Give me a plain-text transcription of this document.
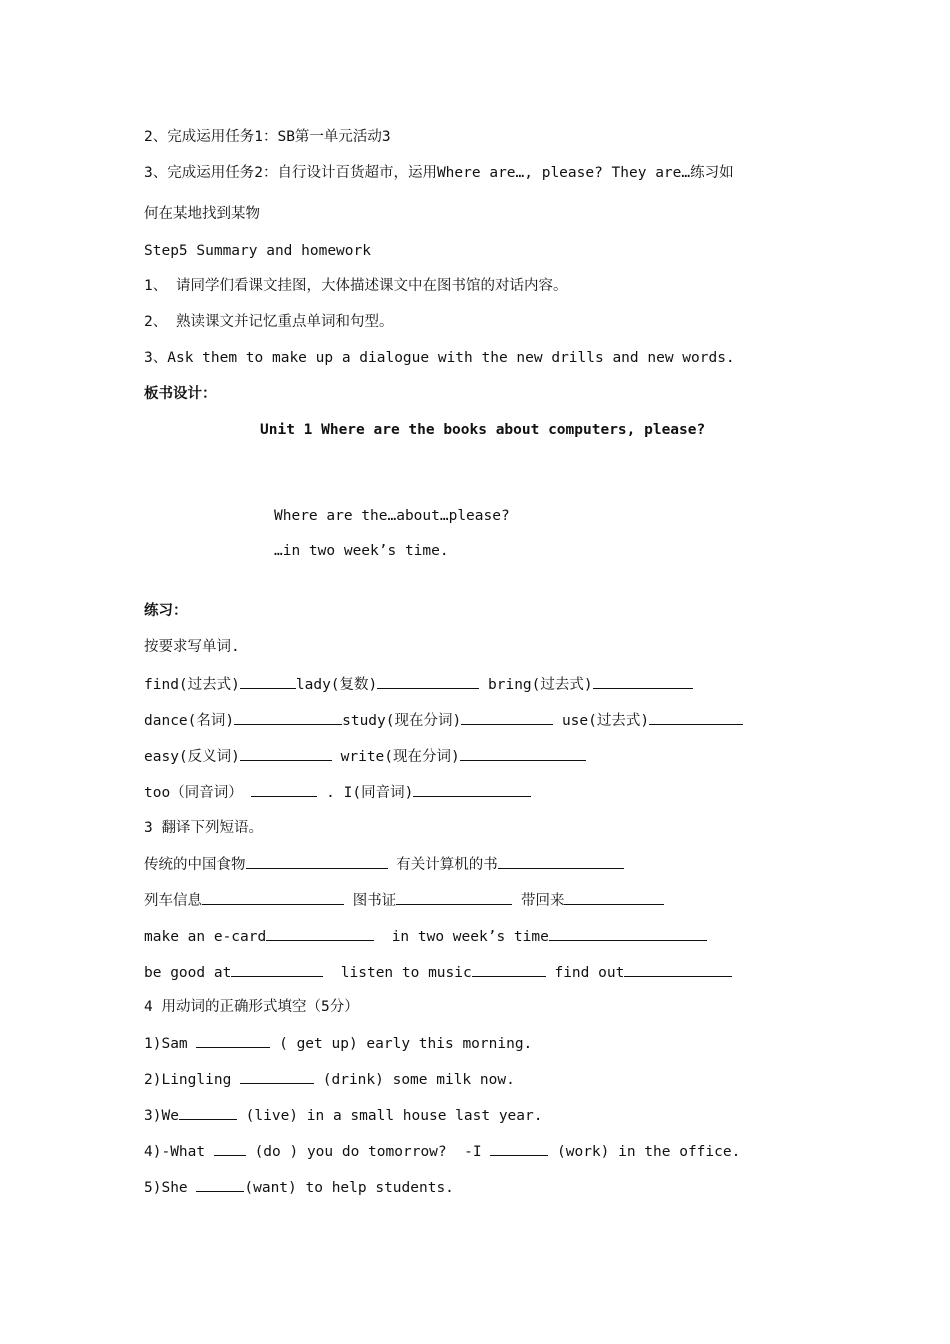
2、完成运用任务1：SB第一单元活动3
3、完成运用任务2：自行设计百货超市，运用Where are…, please? They are…练习如
何在某地找到某物
Step5 Summary and homework
1、 请同学们看课文挂图，大体描述课文中在图书馆的对话内容。
2、 熟读课文并记忆重点单词和句型。
3、Ask them to make up a dialogue with the new drills and new words.
板书设计：
Unit 1 Where are the books about computers, please?
Where are the…about…please?
…in two week’s time.
练习：
按要求写单词.
find(过去式)	lady(复数)	bring(过去式)
dance(名词)	study(现在分词)	use(过去式)
easy(反义词)	write(现在分词)
too（同音词）	. I(同音词)
3 翻译下列短语。
传统的中国食物	有关计算机的书
列车信息	图书证	带回来
make an e-card	in two week’s time
be good at	listen to music	find out
4 用动词的正确形式填空（5分）
1)Sam	( get up) early this morning.
2)Lingling	(drink) some milk now.
3)We	(live) in a small house last year.
4)-What  (do ) you do tomorrow?  -I	(work) in the office.
5)She	(want) to help students.
